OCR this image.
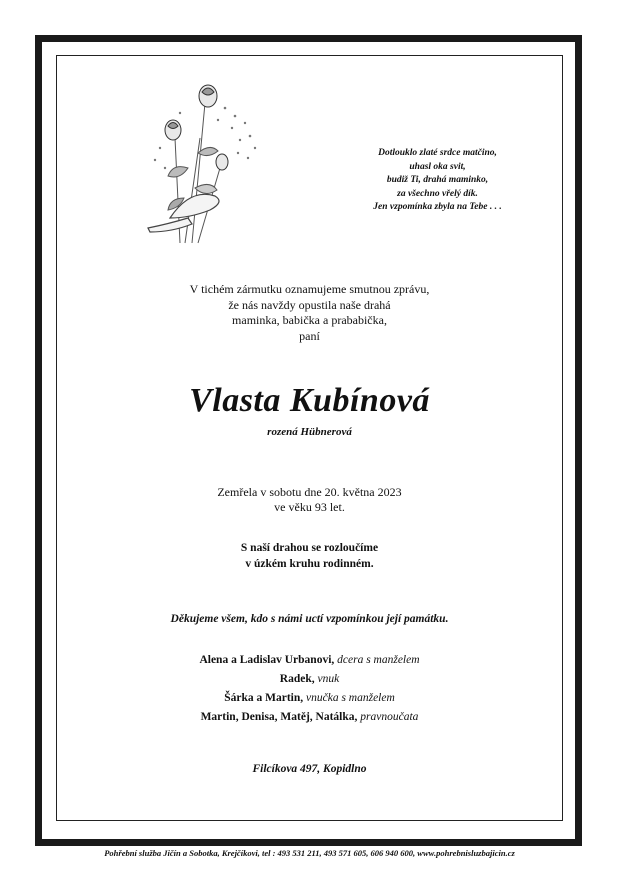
Dotlouklo zlaté srdce matčino,
uhasl oka svit,
budiž Ti, drahá maminko,
za všechno vřelý dík.
Jen vzpomínka zbyla na Tebe . . .
V tichém zármutku oznamujeme smutnou zprávu,
že nás navždy opustila naše drahá
maminka, babička a prababička,
paní
Vlasta Kubínová
rozená Hübnerová
Zemřela v sobotu dne 20. května 2023
ve věku 93 let.
S naší drahou se rozloučíme
v úzkém kruhu rodinném.
Děkujeme všem, kdo s námi uctí vzpomínkou její památku.
Alena a Ladislav Urbanovi, dcera s manželem
Radek, vnuk
Šárka a Martin, vnučka s manželem
Martin, Denisa, Matěj, Natálka, pravnoučata
Filcíkova 497, Kopidlno
Pohřební služba Jičín a Sobotka, Krejčíkovi, tel : 493 531 211, 493 571 605, 606 940 600, www.pohrebnisluzbajicin.cz
